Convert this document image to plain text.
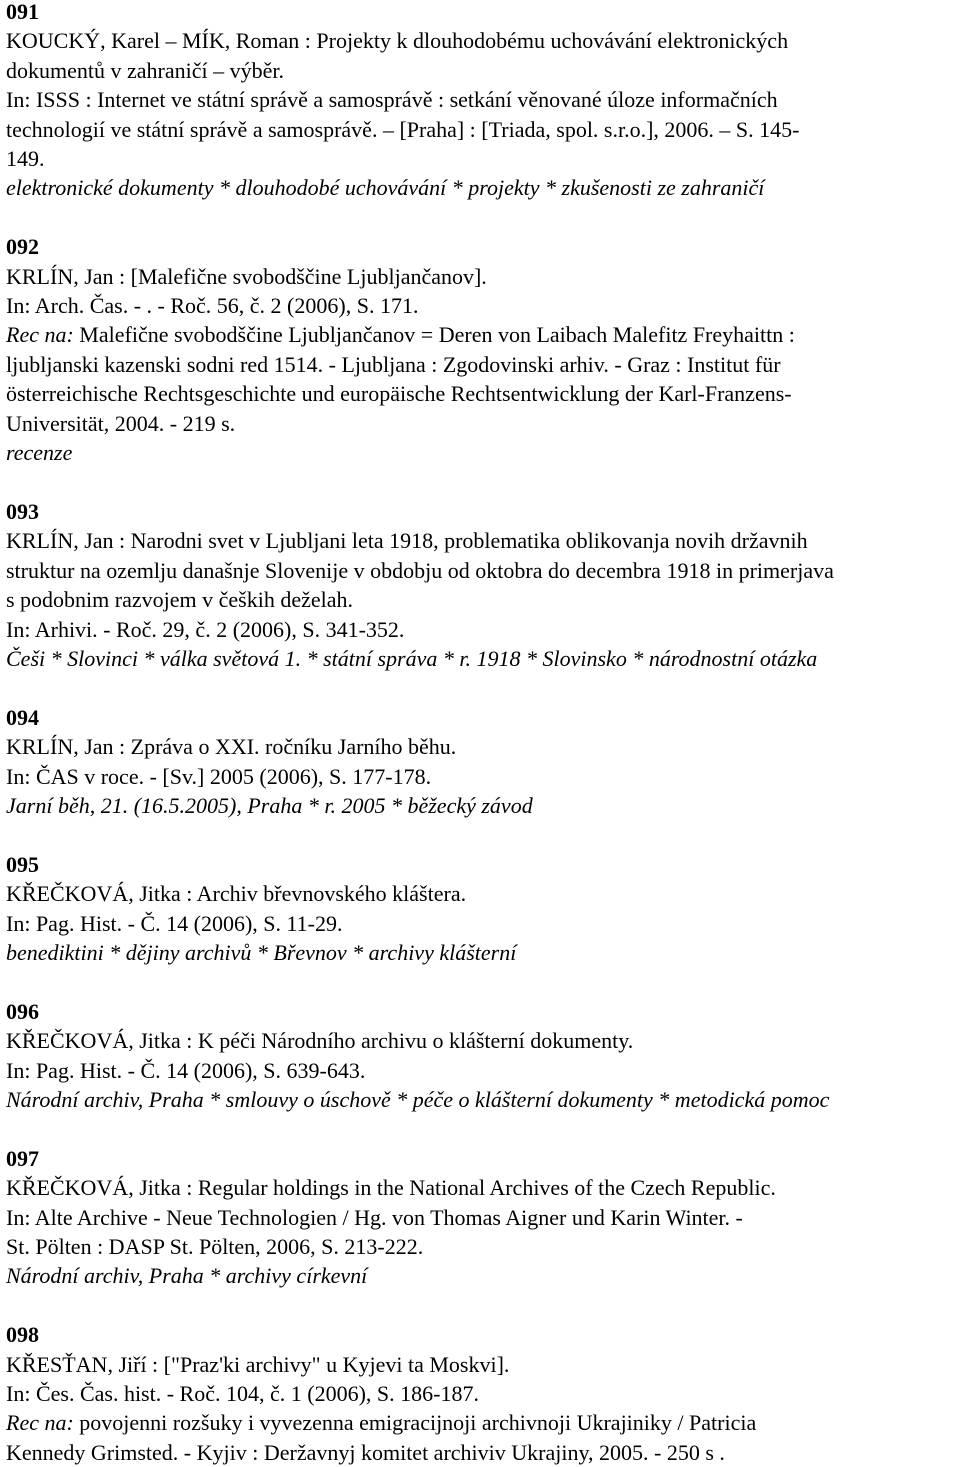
091
KOUCKÝ, Karel – MÍK, Roman : Projekty k dlouhodobému uchovávání elektronických
dokumentů v zahraničí – výběr.
In: ISSS : Internet ve státní správě a samosprávě : setkání věnované úloze informačních
technologií ve státní správě a samosprávě. – [Praha] : [Triada, spol. s.r.o.], 2006. – S. 145-
149.
elektronické dokumenty * dlouhodobé uchovávání * projekty * zkušenosti ze zahraničí
092
KRLÍN, Jan : [Malefične svobodščine Ljubljančanov].
In: Arch. Čas. - . - Roč. 56, č. 2 (2006), S. 171.
Rec na: Malefične svobodščine Ljubljančanov = Deren von Laibach Malefitz Freyhaittn :
ljubljanski kazenski sodni red 1514. - Ljubljana : Zgodovinski arhiv. - Graz : Institut für
österreichische Rechtsgeschichte und europäische Rechtsentwicklung der Karl-Franzens-
Universität, 2004. - 219 s.
recenze
093
KRLÍN, Jan : Narodni svet v Ljubljani leta 1918, problematika oblikovanja novih državnih
struktur na ozemlju današnje Slovenije v obdobju od oktobra do decembra 1918 in primerjava
s podobnim razvojem v čeških deželah.
In: Arhivi. - Roč. 29, č. 2 (2006), S. 341-352.
Češi * Slovinci * válka světová 1. * státní správa * r. 1918 * Slovinsko * národnostní otázka
094
KRLÍN, Jan : Zpráva o XXI. ročníku Jarního běhu.
In: ČAS v roce. - [Sv.] 2005 (2006), S. 177-178.
Jarní běh, 21. (16.5.2005), Praha * r. 2005 * běžecký závod
095
KŘEČKOVÁ, Jitka : Archiv břevnovského kláštera.
In: Pag. Hist. - Č. 14 (2006), S. 11-29.
benediktini * dějiny archivů * Břevnov * archivy klášterní
096
KŘEČKOVÁ, Jitka : K péči Národního archivu o klášterní dokumenty.
In: Pag. Hist. - Č. 14 (2006), S. 639-643.
Národní archiv, Praha * smlouvy o úschově * péče o klášterní dokumenty * metodická pomoc
097
KŘEČKOVÁ, Jitka : Regular holdings in the National Archives of the Czech Republic.
In: Alte Archive - Neue Technologien / Hg. von Thomas Aigner und Karin Winter. -
St. Pölten : DASP St. Pölten, 2006, S. 213-222.
Národní archiv, Praha * archivy církevní
098
KŘESŤAN, Jiří : ["Praz'ki archivy" u Kyjevi ta Moskvi].
In: Čes. Čas. hist. - Roč. 104, č. 1 (2006), S. 186-187.
Rec na: povojenni rozšuky i vyvezenna emigracijnoji archivnoji Ukrajiniky / Patricia
Kennedy Grimsted. - Kyjiv : Deržavnyj komitet archiviv Ukrajiny, 2005. - 250 s .
